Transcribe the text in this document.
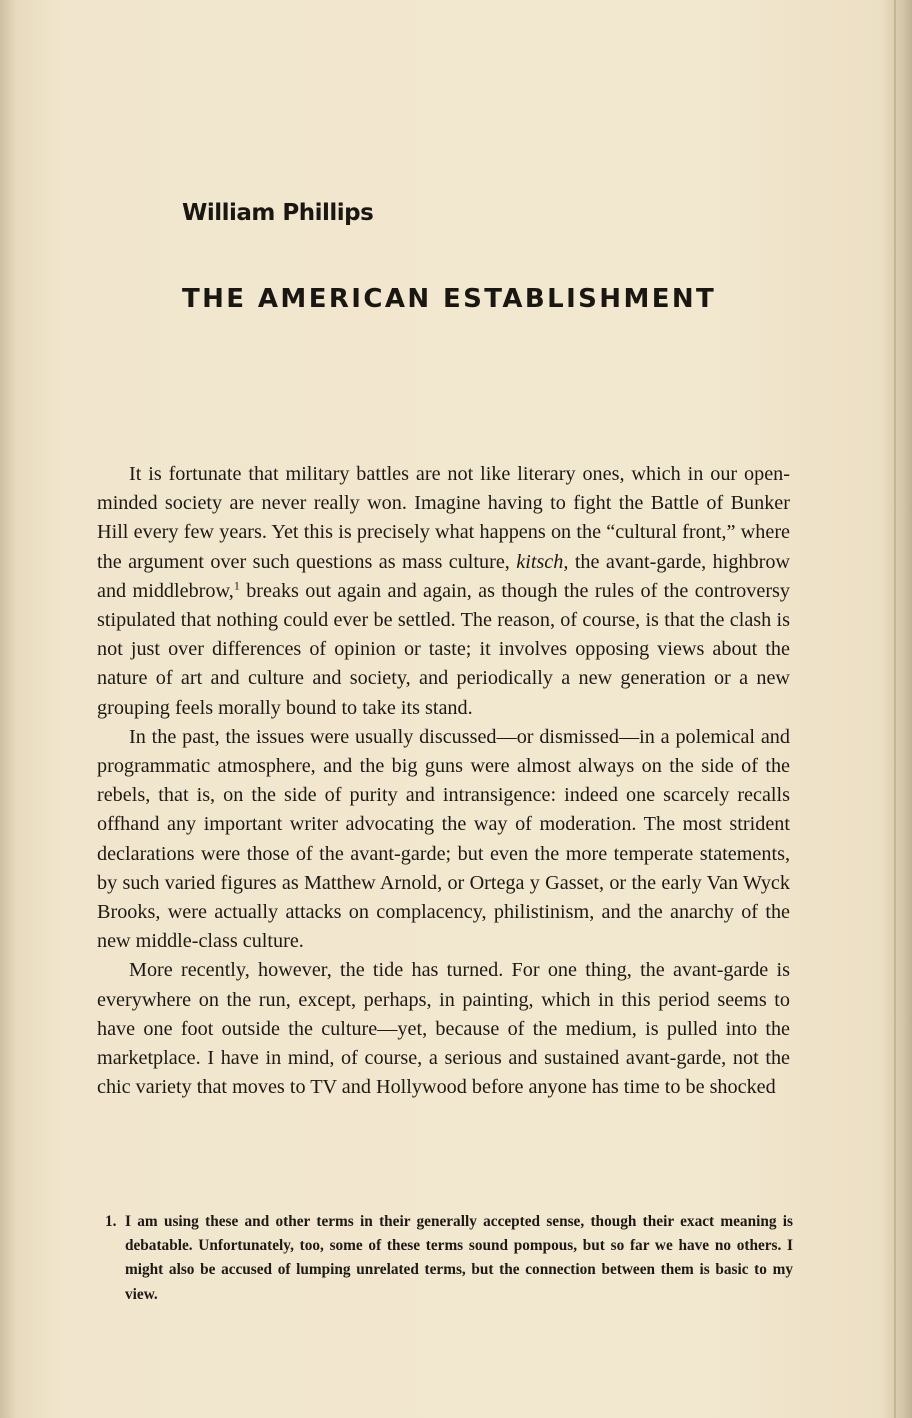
William Phillips
THE AMERICAN ESTABLISHMENT

It is fortunate that military battles are not like literary ones, which in our open-minded society are never really won. Imagine having to fight the Battle of Bunker Hill every few years. Yet this is precisely what happens on the “cultural front,” where the argument over such questions as mass culture, kitsch, the avant-garde, highbrow and middlebrow,$^1$ breaks out again and again, as though the rules of the controversy stipulated that nothing could ever be settled. The reason, of course, is that the clash is not just over differences of opinion or taste; it involves opposing views about the nature of art and culture and society, and periodically a new generation or a new grouping feels morally bound to take its stand.

In the past, the issues were usually discussed—or dismissed—in a polemical and programmatic atmosphere, and the big guns were almost always on the side of the rebels, that is, on the side of purity and intransigence: indeed one scarcely recalls offhand any important writer advocating the way of moderation. The most strident declarations were those of the avant-garde; but even the more temperate statements, by such varied figures as Matthew Arnold, or Ortega y Gasset, or the early Van Wyck Brooks, were actually attacks on complacency, philistinism, and the anarchy of the new middle-class culture.

More recently, however, the tide has turned. For one thing, the avant-garde is everywhere on the run, except, perhaps, in painting, which in this period seems to have one foot outside the culture—yet, because of the medium, is pulled into the marketplace. I have in mind, of course, a serious and sustained avant-garde, not the chic variety that moves to TV and Hollywood before anyone has time to be shocked

1. I am using these and other terms in their generally accepted sense, though their exact meaning is debatable. Unfortunately, too, some of these terms sound pompous, but so far we have no others. I might also be accused of lumping unrelated terms, but the connection between them is basic to my view.
